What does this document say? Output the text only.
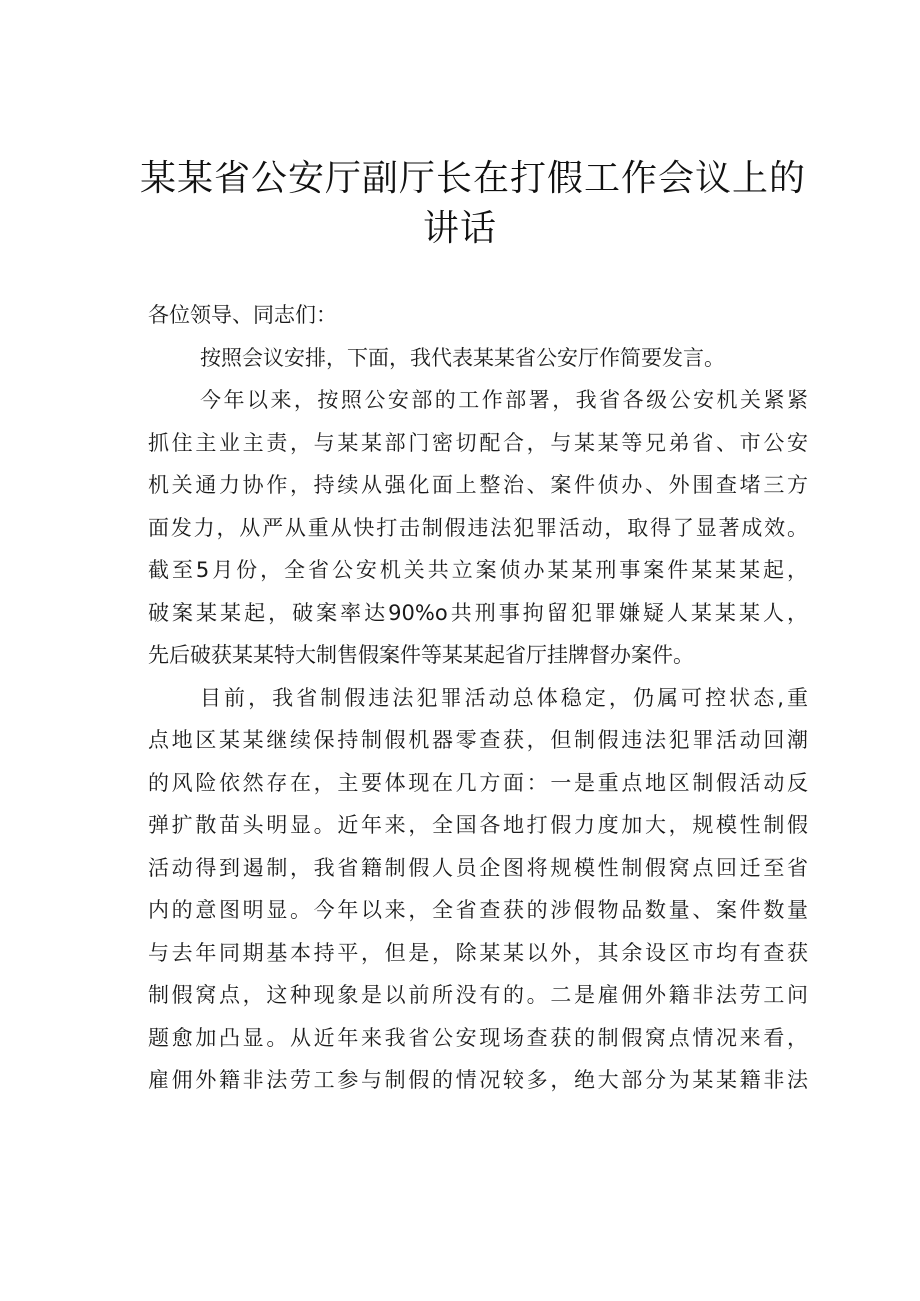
某某省公安厅副厅长在打假工作会议上的
讲话
各位领导、同志们：
按照会议安排，下面，我代表某某省公安厅作简要发言。
今年以来，按照公安部的工作部署，我省各级公安机关紧紧
抓住主业主责，与某某部门密切配合，与某某等兄弟省、市公安
机关通力协作，持续从强化面上整治、案件侦办、外围查堵三方
面发力，从严从重从快打击制假违法犯罪活动，取得了显著成效。
截至5月份，全省公安机关共立案侦办某某刑事案件某某某起，
破案某某起，破案率达90%o共刑事拘留犯罪嫌疑人某某某人，
先后破获某某特大制售假案件等某某起省厅挂牌督办案件。
目前，我省制假违法犯罪活动总体稳定，仍属可控状态,重
点地区某某继续保持制假机器零查获，但制假违法犯罪活动回潮
的风险依然存在，主要体现在几方面：一是重点地区制假活动反
弹扩散苗头明显。近年来，全国各地打假力度加大，规模性制假
活动得到遏制，我省籍制假人员企图将规模性制假窝点回迁至省
内的意图明显。今年以来，全省查获的涉假物品数量、案件数量
与去年同期基本持平，但是，除某某以外，其余设区市均有查获
制假窝点，这种现象是以前所没有的。二是雇佣外籍非法劳工问
题愈加凸显。从近年来我省公安现场查获的制假窝点情况来看，
雇佣外籍非法劳工参与制假的情况较多，绝大部分为某某籍非法
